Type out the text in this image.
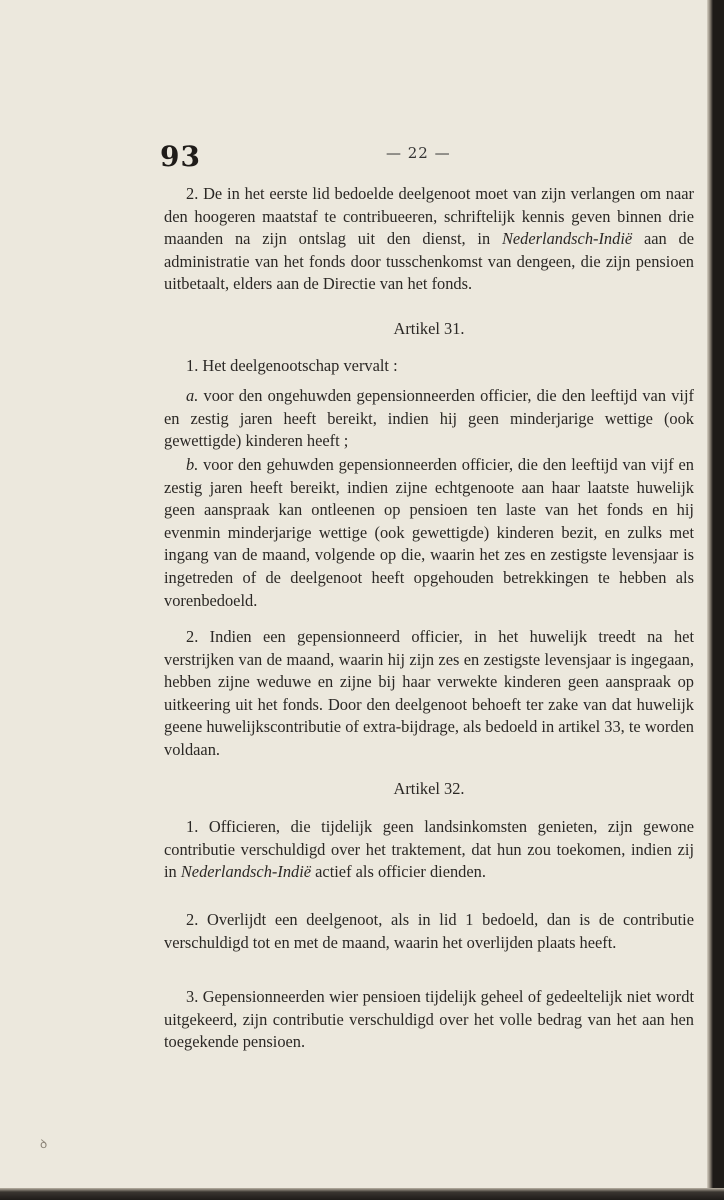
93	— 22 —
2. De in het eerste lid bedoelde deelgenoot moet van zijn verlangen om naar den hoogeren maatstaf te contribueeren, schriftelijk kennis geven binnen drie maanden na zijn ontslag uit den dienst, in Nederlandsch-Indië aan de administratie van het fonds door tusschenkomst van dengeen, die zijn pensioen uitbetaalt, elders aan de Directie van het fonds.
Artikel 31.
1. Het deelgenootschap vervalt :
a. voor den ongehuwden gepensionneerden officier, die den leeftijd van vijf en zestig jaren heeft bereikt, indien hij geen minderjarige wettige (ook gewettigde) kinderen heeft ;
b. voor den gehuwden gepensionneerden officier, die den leeftijd van vijf en zestig jaren heeft bereikt, indien zijne echtgenoote aan haar laatste huwelijk geen aanspraak kan ontleenen op pensioen ten laste van het fonds en hij evenmin minderjarige wettige (ook gewettigde) kinderen bezit, en zulks met ingang van de maand, volgende op die, waarin het zes en zestigste levensjaar is ingetreden of de deelgenoot heeft opgehouden betrekkingen te hebben als vorenbedoeld.
2. Indien een gepensionneerd officier, in het huwelijk treedt na het verstrijken van de maand, waarin hij zijn zes en zestigste levensjaar is ingegaan, hebben zijne weduwe en zijne bij haar verwekte kinderen geen aanspraak op uitkeering uit het fonds. Door den deelgenoot behoeft ter zake van dat huwelijk geene huwelijkscontributie of extra-bijdrage, als bedoeld in artikel 33, te worden voldaan.
Artikel 32.
1. Officieren, die tijdelijk geen landsinkomsten genieten, zijn gewone contributie verschuldigd over het traktement, dat hun zou toekomen, indien zij in Nederlandsch-Indië actief als officier dienden.
2. Overlijdt een deelgenoot, als in lid 1 bedoeld, dan is de contributie verschuldigd tot en met de maand, waarin het overlijden plaats heeft.
3. Gepensionneerden wier pensioen tijdelijk geheel of gedeeltelijk niet wordt uitgekeerd, zijn contributie verschuldigd over het volle bedrag van het aan hen toegekende pensioen.
ꝺ
